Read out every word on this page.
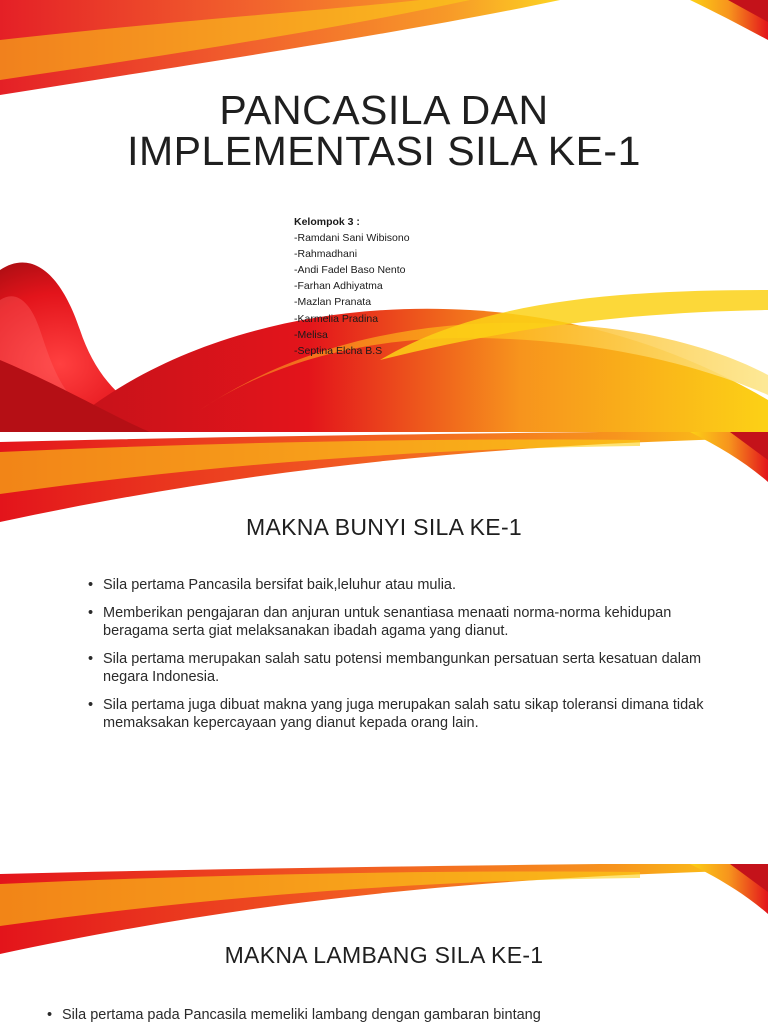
PANCASILA DAN
IMPLEMENTASI SILA KE-1
Kelompok 3 :
-Ramdani Sani Wibisono
-Rahmadhani
-Andi Fadel Baso Nento
-Farhan Adhiyatma
-Mazlan Pranata
-Karmelia Pradina
-Melisa
-Septina Elcha B.S
MAKNA BUNYI SILA KE-1
• Sila pertama Pancasila bersifat baik,leluhur atau mulia.
• Memberikan pengajaran dan anjuran untuk senantiasa menaati norma-norma kehidupan beragama serta giat melaksanakan ibadah agama yang dianut.
• Sila pertama merupakan salah satu potensi membangunkan persatuan serta kesatuan dalam negara Indonesia.
• Sila pertama juga dibuat makna yang juga merupakan salah satu sikap toleransi dimana tidak memaksakan kepercayaan yang dianut kepada orang lain.
MAKNA LAMBANG SILA KE-1
• Sila pertama pada Pancasila memeliki lambang dengan gambaran bintang
